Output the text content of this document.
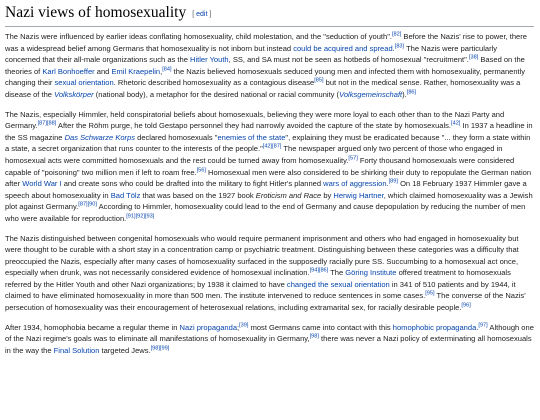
Nazi views of homosexuality [ edit ]

The Nazis were influenced by earlier ideas conflating homosexuality, child molestation, and the "seduction of youth".[82] Before the Nazis' rise to power, there was a widespread belief among Germans that homosexuality is not inborn but instead could be acquired and spread.[83] The Nazis were particularly concerned that their all-male organizations such as the Hitler Youth, SS, and SA must not be seen as hotbeds of homosexual "recruitment".[38] Based on the theories of Karl Bonhoeffer and Emil Kraepelin,[84] the Nazis believed homosexuals seduced young men and infected them with homosexuality, permanently changing their sexual orientation. Rhetoric described homosexuality as a contagious disease[85] but not in the medical sense. Rather, homosexuality was a disease of the Volkskörper (national body), a metaphor for the desired national or racial community (Volksgemeinschaft).[86]

The Nazis, especially Himmler, held conspiratorial beliefs about homosexuals, believing they were more loyal to each other than to the Nazi Party and Germany.[87][88] After the Röhm purge, he told Gestapo personnel they had narrowly avoided the capture of the state by homosexuals.[42] In 1937 a headline in the SS magazine Das Schwarze Korps declared homosexuals "enemies of the state", explaining they must be eradicated because "... they form a state within a state, a secret organization that runs counter to the interests of the people."[42][87] The newspaper argued only two percent of those who engaged in homosexual acts were committed homosexuals and the rest could be turned away from homosexuality.[57] Forty thousand homosexuals were considered capable of "poisoning" two million men if left to roam free.[56] Homosexual men were also considered to be shirking their duty to repopulate the German nation after World War I and create sons who could be drafted into the military to fight Hitler's planned wars of aggression.[89] On 18 February 1937 Himmler gave a speech about homosexuality in Bad Tölz that was based on the 1927 book Eroticism and Race by Herwig Hartner, which claimed homosexuality was a Jewish plot against Germany.[87][90] According to Himmler, homosexuality could lead to the end of Germany and cause depopulation by reducing the number of men who were available for reproduction.[91][92][93]

The Nazis distinguished between congenital homosexuals who would require permanent imprisonment and others who had engaged in homosexuality but were thought to be curable with a short stay in a concentration camp or psychiatric treatment. Distinguishing between these categories was a difficulty that preoccupied the Nazis, especially after many cases of homosexuality surfaced in the supposedly racially pure SS. Succumbing to a homosexual act once, especially when drunk, was not necessarily considered evidence of homosexual inclination.[94][86] The Göring Institute offered treatment to homosexuals referred by the Hitler Youth and other Nazi organizations; by 1938 it claimed to have changed the sexual orientation in 341 of 510 patients and by 1944, it claimed to have eliminated homosexuality in more than 500 men. The institute intervened to reduce sentences in some cases.[95] The converse of the Nazis' persecution of homosexuality was their encouragement of heterosexual relations, including extramarital sex, for racially desirable people.[96]

After 1934, homophobia became a regular theme in Nazi propaganda;[39] most Germans came into contact with this homophobic propaganda.[97] Although one of the Nazi regime's goals was to eliminate all manifestations of homosexuality in Germany,[98] there was never a Nazi policy of exterminating all homosexuals in the way the Final Solution targeted Jews.[98][99]
